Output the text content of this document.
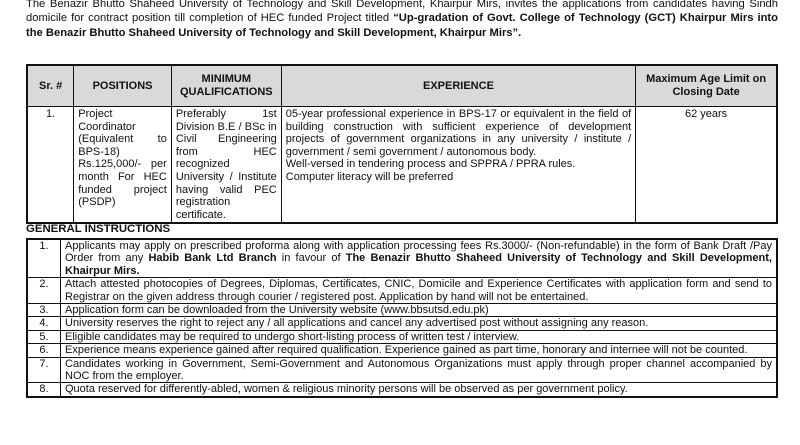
The Benazir Bhutto Shaheed University of Technology and Skill Development, Khairpur Mirs, invites the applications from candidates having Sindh domicile for contract position till completion of HEC funded Project titled “Up-gradation of Govt. College of Technology (GCT) Khairpur Mirs into the Benazir Bhutto Shaheed University of Technology and Skill Development, Khairpur Mirs”.
Sr. #	POSITIONS	MINIMUM QUALIFICATIONS	EXPERIENCE	Maximum Age Limit on Closing Date
1.	Project Coordinator (Equivalent to BPS-18) Rs.125,000/- per month For HEC funded project (PSDP)	Preferably 1st Division B.E / BSc in Civil Engineering from HEC recognized University / Institute having valid PEC registration certificate.	05-year professional experience in BPS-17 or equivalent in the field of building construction with sufficient experience of development projects of government organizations in any university / institute / government / semi government / autonomous body.
Well-versed in tendering process and SPPRA / PPRA rules.
Computer literacy will be preferred	62 years
GENERAL INSTRUCTIONS
1.	Applicants may apply on prescribed proforma along with application processing fees Rs.3000/- (Non-refundable) in the form of Bank Draft /Pay Order from any Habib Bank Ltd Branch in favour of The Benazir Bhutto Shaheed University of Technology and Skill Development, Khairpur Mirs.
2.	Attach attested photocopies of Degrees, Diplomas, Certificates, CNIC, Domicile and Experience Certificates with application form and send to Registrar on the given address through courier / registered post. Application by hand will not be entertained.
3.	Application form can be downloaded from the University website (www.bbsutsd.edu.pk)
4.	University reserves the right to reject any / all applications and cancel any advertised post without assigning any reason.
5.	Eligible candidates may be required to undergo short-listing process of written test / interview.
6.	Experience means experience gained after required qualification. Experience gained as part time, honorary and internee will not be counted.
7.	Candidates working in Government, Semi-Government and Autonomous Organizations must apply through proper channel accompanied by NOC from the employer.
8.	Quota reserved for differently-abled, women & religious minority persons will be observed as per government policy.
